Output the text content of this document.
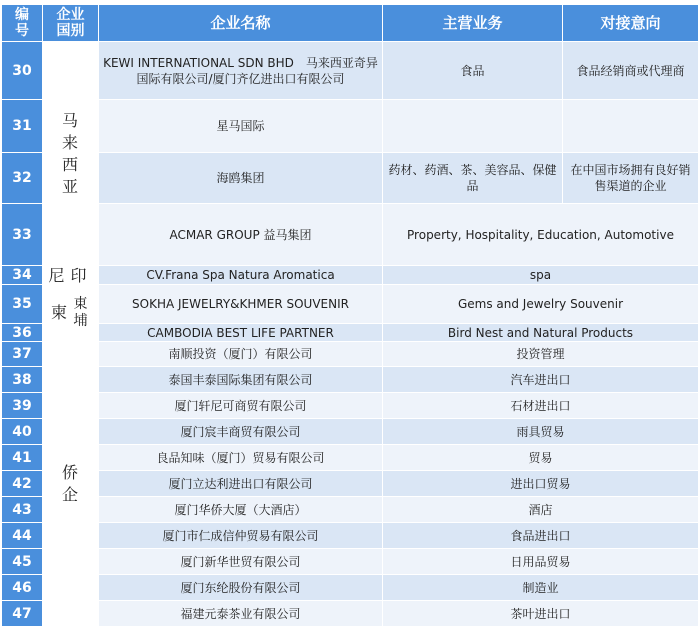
编号	企业国别	企业名称	主营业务	对接意向
30	马来西亚	KEWI INTERNATIONAL SDN BHD　马来西亚奇异国际有限公司/厦门齐亿进出口有限公司	食品	食品经销商或代理商
31		星马国际		
32		海鸥集团	药材、药酒、茶、美容品、保健品	在中国市场拥有良好销售渠道的企业
33		ACMAR GROUP 益马集团	Property, Hospitality, Education, Automotive	
34	尼印	CV.Frana Spa Natura Aromatica	spa	
35	柬 東埔	SOKHA JEWELRY&KHMER SOUVENIR	Gems and Jewelry Souvenir	
36		CAMBODIA BEST LIFE PARTNER	Bird Nest and Natural Products	
37	侨企	南顺投资（厦门）有限公司	投资管理	
38		泰国丰泰国际集团有限公司	汽车进出口	
39		厦门轩尼可商贸有限公司	石材进出口	
40		厦门宸丰商贸有限公司	雨具贸易	
41		良品知味（厦门）贸易有限公司	贸易	
42		厦门立达利进出口有限公司	进出口贸易	
43		厦门华侨大厦（大酒店）	酒店	
44		厦门市仁成信仲贸易有限公司	食品进出口	
45		厦门新华世贸有限公司	日用品贸易	
46		厦门东纶股份有限公司	制造业	
47		福建元泰茶业有限公司	茶叶进出口	
